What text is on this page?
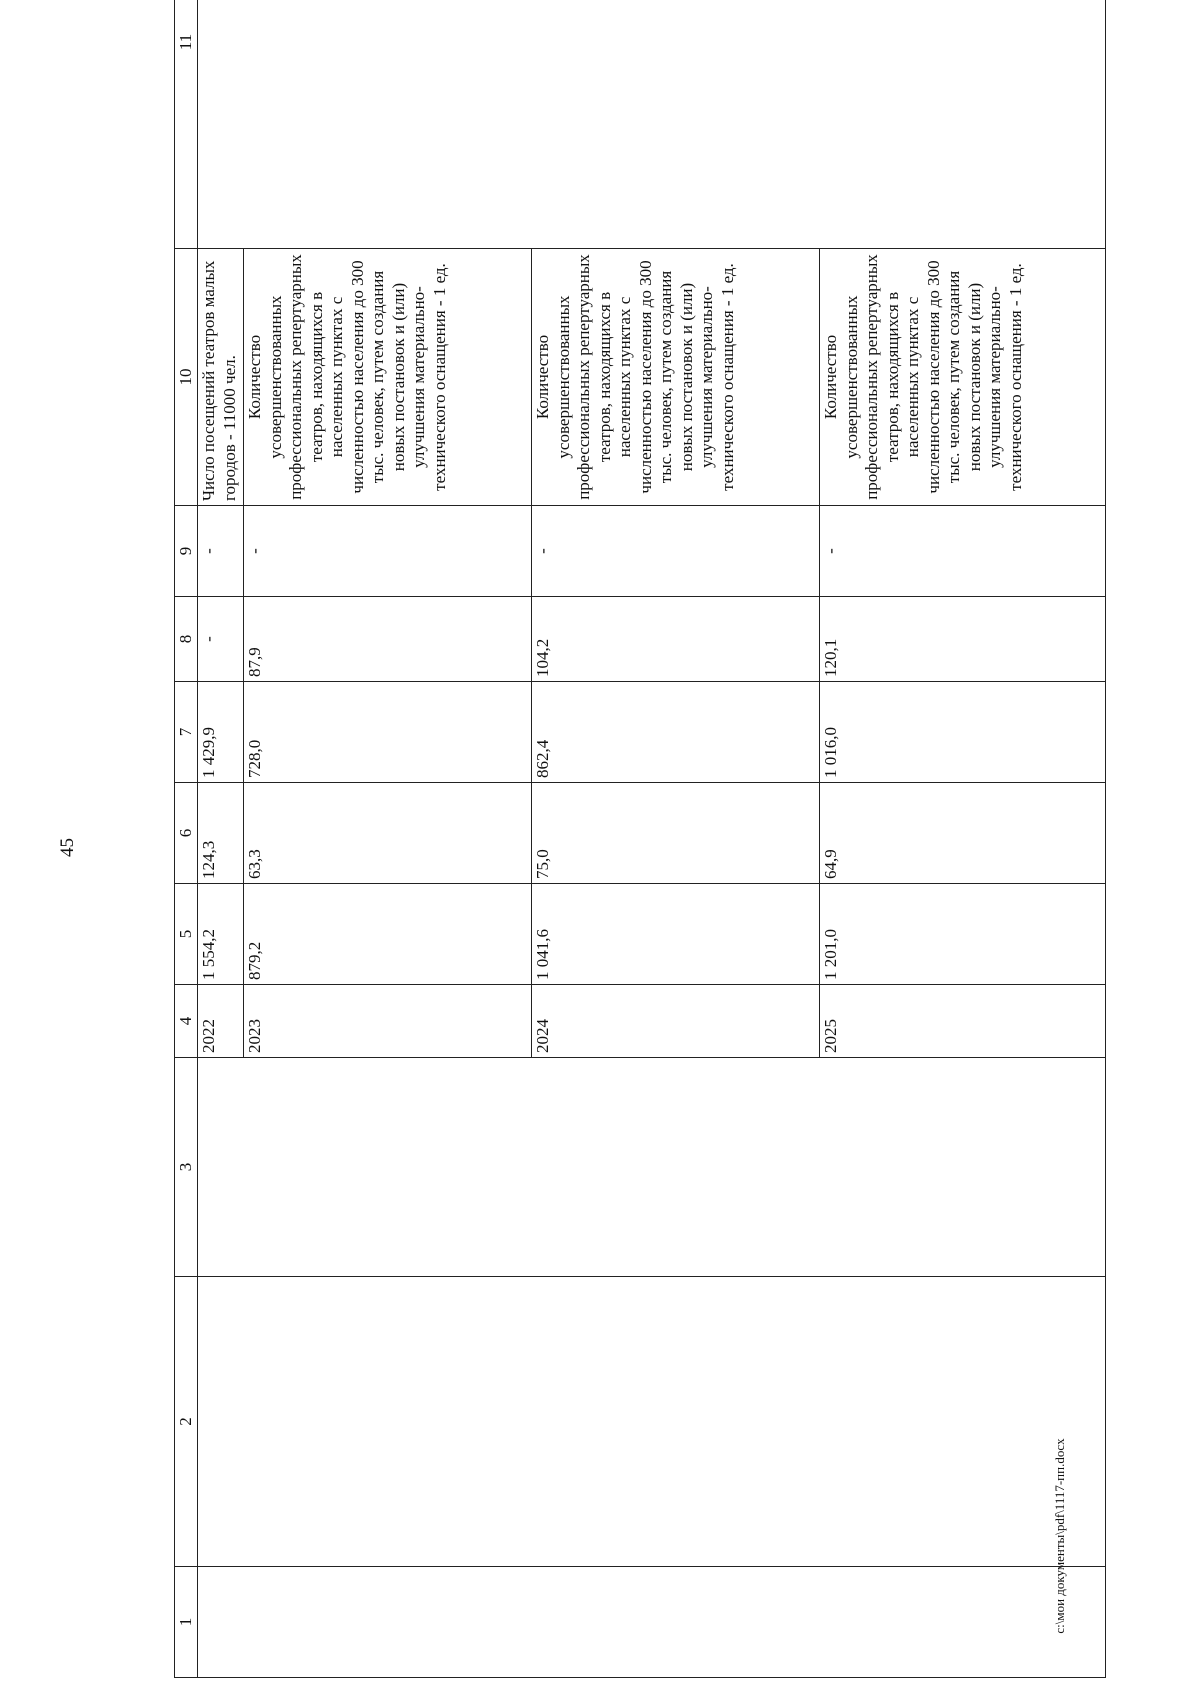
45
1	2	3	4	5	6	7	8	9	10	11
			2022	1 554,2	124,3	1 429,9	-	-	Число посещений театров малых городов - 11000 чел.	
			2023	879,2	63,3	728,0	87,9	-	Количество усовершенствованных профессиональных репертуарных театров, находящихся в населенных пунктах с численностью населения до 300 тыс. человек, путем создания новых постановок и (или) улучшения материально-технического оснащения - 1 ед.	
			2024	1 041,6	75,0	862,4	104,2	-	Количество усовершенствованных профессиональных репертуарных театров, находящихся в населенных пунктах с численностью населения до 300 тыс. человек, путем создания новых постановок и (или) улучшения материально-технического оснащения - 1 ед.	
			2025	1 201,0	64,9	1 016,0	120,1	-	Количество усовершенствованных профессиональных репертуарных театров, находящихся в населенных пунктах с численностью населения до 300 тыс. человек, путем создания новых постановок и (или) улучшения материально-технического оснащения - 1 ед.	
c:\мои документы\pdf\1117-пп.docx
